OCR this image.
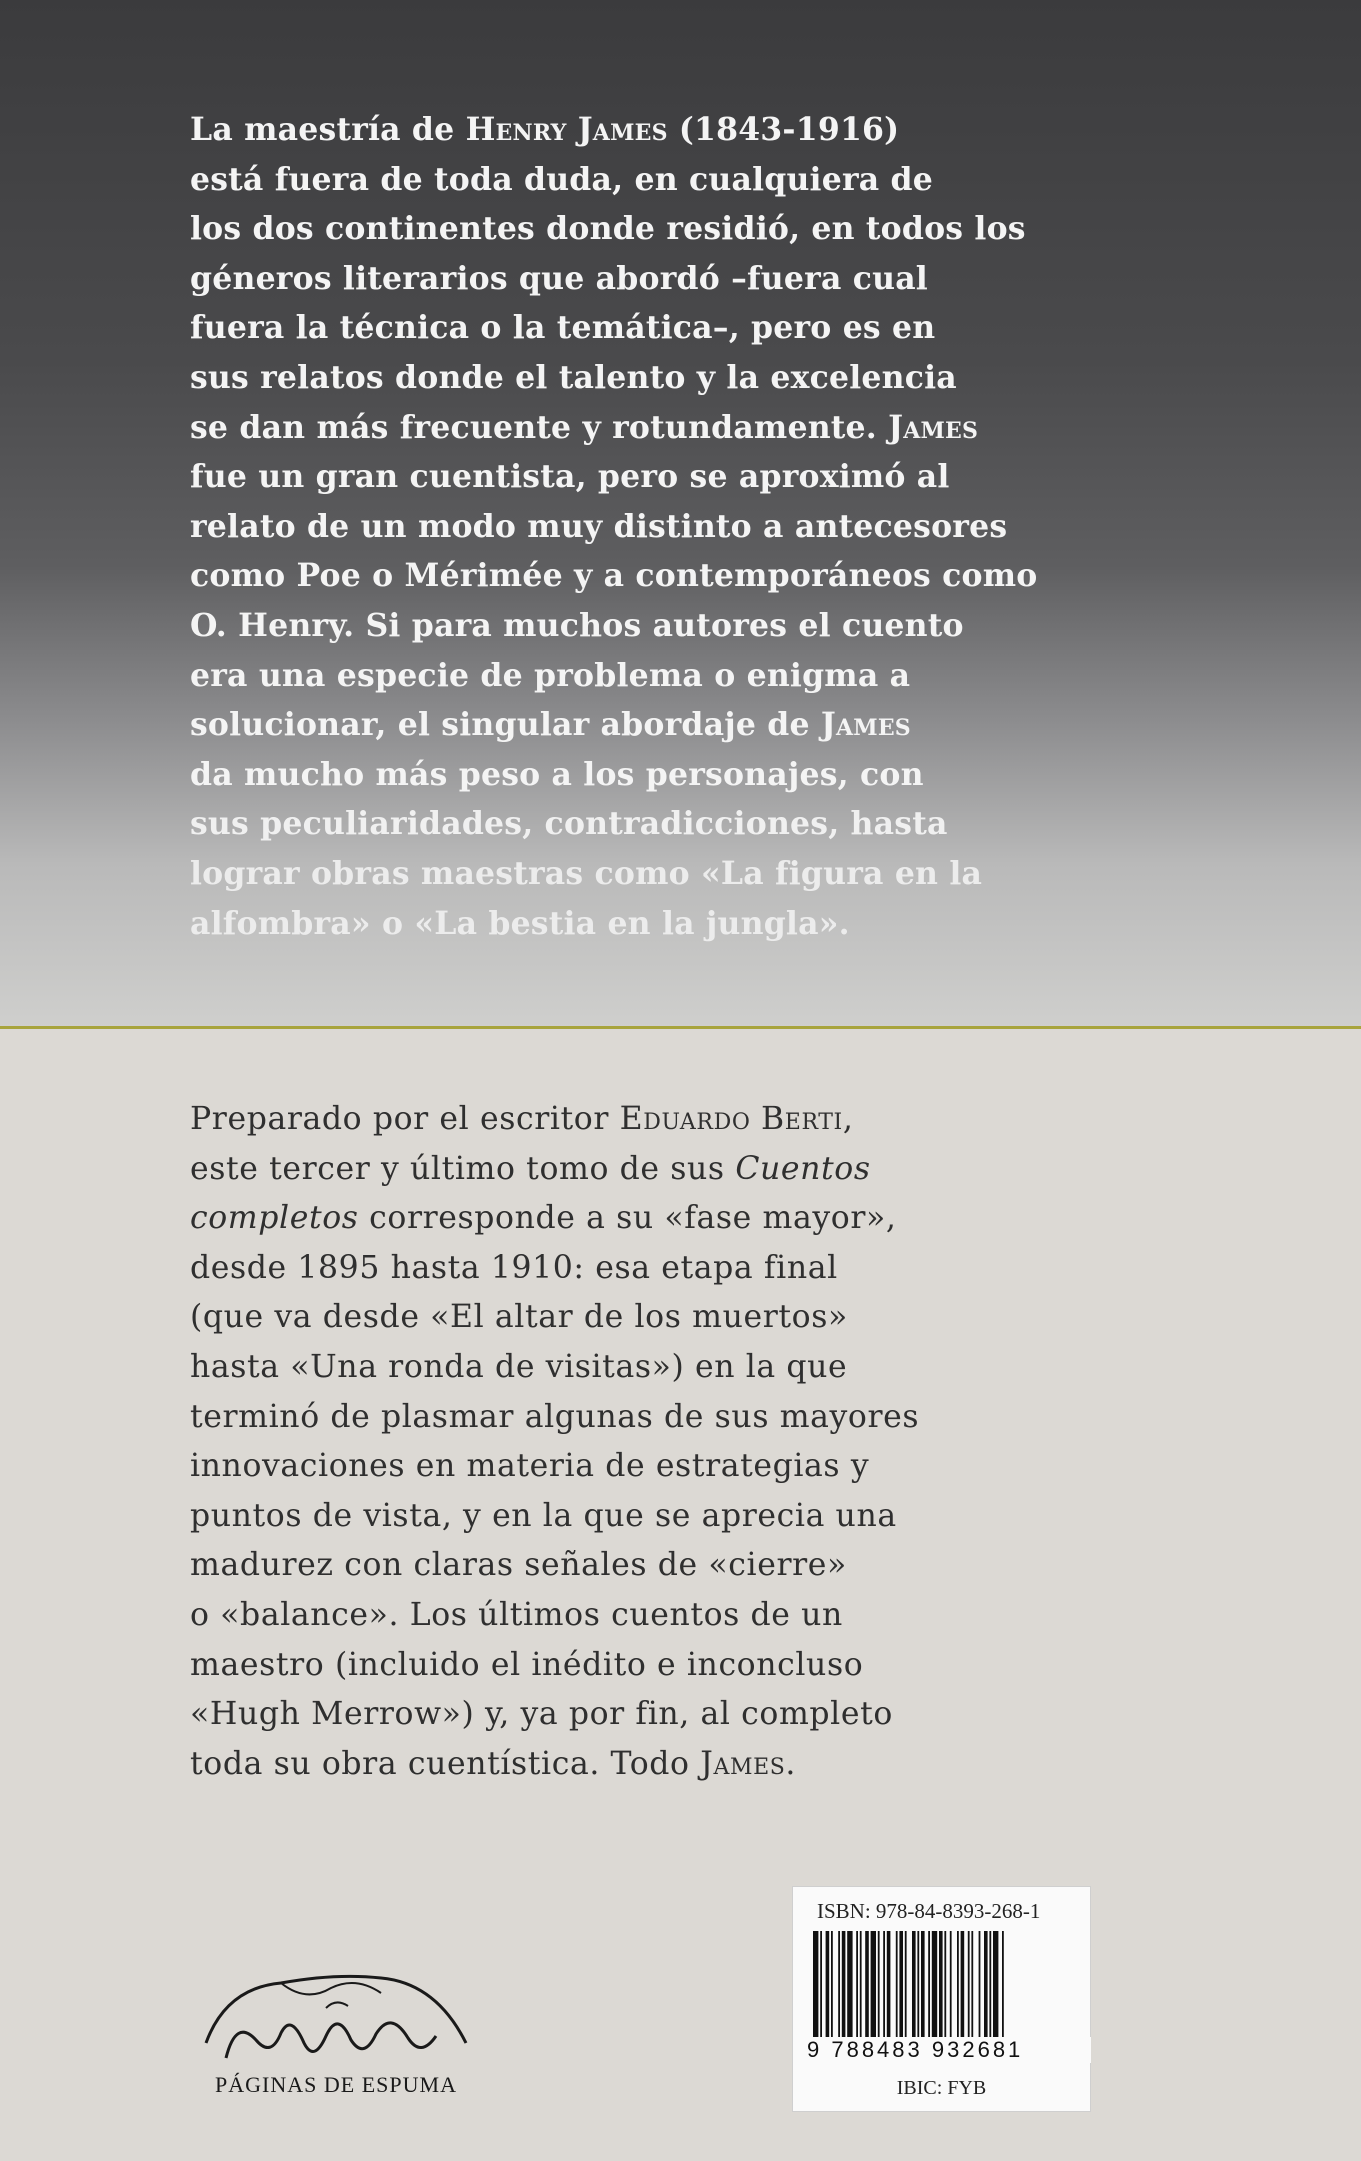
La maestría de Henry James (1843-1916)
está fuera de toda duda, en cualquiera de
los dos continentes donde residió, en todos los
géneros literarios que abordó –fuera cual
fuera la técnica o la temática–, pero es en
sus relatos donde el talento y la excelencia
se dan más frecuente y rotundamente. James
fue un gran cuentista, pero se aproximó al
relato de un modo muy distinto a antecesores
como Poe o Mérimée y a contemporáneos como
O. Henry. Si para muchos autores el cuento
era una especie de problema o enigma a
solucionar, el singular abordaje de James
da mucho más peso a los personajes, con
sus peculiaridades, contradicciones, hasta
lograr obras maestras como «La figura en la
alfombra» o «La bestia en la jungla».
Preparado por el escritor Eduardo Berti,
este tercer y último tomo de sus Cuentos
completos corresponde a su «fase mayor»,
desde 1895 hasta 1910: esa etapa final
(que va desde «El altar de los muertos»
hasta «Una ronda de visitas») en la que
terminó de plasmar algunas de sus mayores
innovaciones en materia de estrategias y
puntos de vista, y en la que se aprecia una
madurez con claras señales de «cierre»
o «balance». Los últimos cuentos de un
maestro (incluido el inédito e inconcluso
«Hugh Merrow») y, ya por fin, al completo
toda su obra cuentística. Todo James.
PÁGINAS DE ESPUMA
ISBN: 978-84-8393-268-1
9 788483 932681
IBIC: FYB
